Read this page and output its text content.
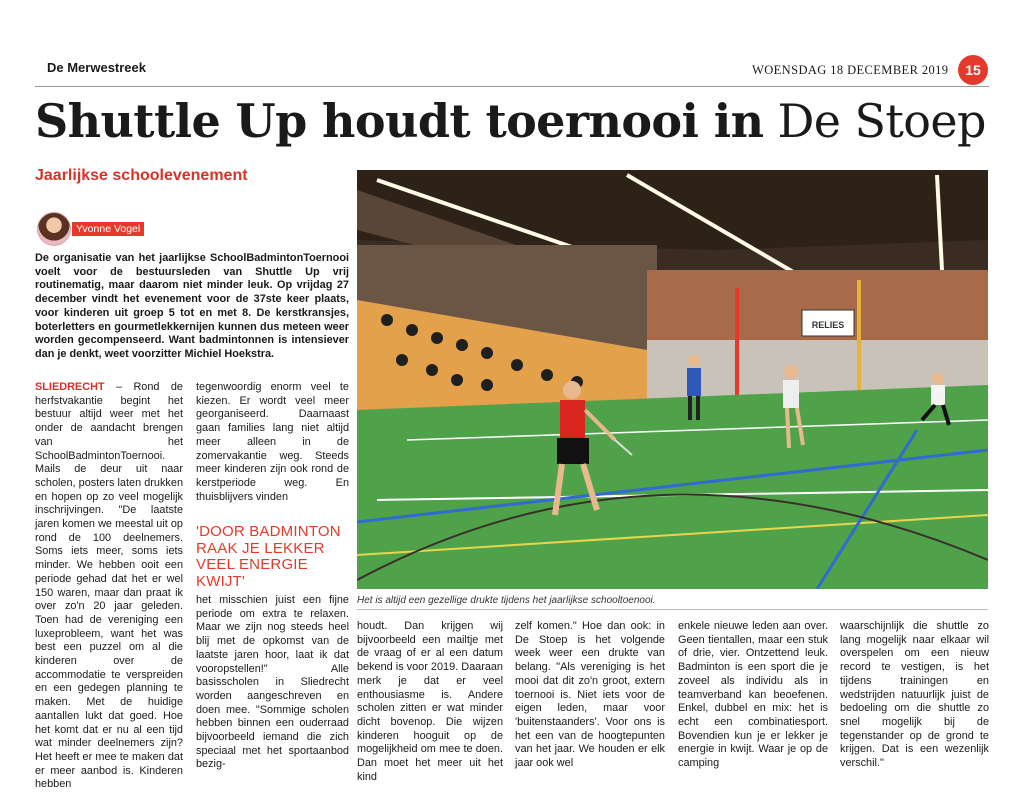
De Merwestreek	WOENSDAG 18 DECEMBER 2019	15
Shuttle Up houdt toernooi in De Stoep
Jaarlijkse schoolevenement
Yvonne Vogel
De organisatie van het jaarlijkse SchoolBadmintonToernooi voelt voor de bestuursleden van Shuttle Up vrij routinematig, maar daarom niet minder leuk. Op vrijdag 27 december vindt het evenement voor de 37ste keer plaats, voor kinderen uit groep 5 tot en met 8. De kerstkransjes, boterletters en gourmetlekkernijen kunnen dus meteen weer worden gecompenseerd. Want badmintonnen is intensiever dan je denkt, weet voorzitter Michiel Hoekstra.
SLIEDRECHT – Rond de herfstvakantie begint het bestuur altijd weer met het onder de aandacht brengen van het SchoolBadmintonToernooi. Mails de deur uit naar scholen, posters laten drukken en hopen op zo veel mogelijk inschrijvingen. "De laatste jaren komen we meestal uit op rond de 100 deelnemers. Soms iets meer, soms iets minder. We hebben ooit een periode gehad dat het er wel 150 waren, maar dan praat ik over zo'n 20 jaar geleden. Toen had de vereniging een luxeprobleem, want het was best een puzzel om al die kinderen over de accommodatie te verspreiden en een gedegen planning te maken. Met de huidige aantallen lukt dat goed. Hoe het komt dat er nu al een tijd wat minder deelnemers zijn? Het heeft er mee te maken dat er meer aanbod is. Kinderen hebben
tegenwoordig enorm veel te kiezen. Er wordt veel meer georganiseerd. Daarnaast gaan families lang niet altijd meer alleen in de zomervakantie weg. Steeds meer kinderen zijn ook rond de kerstperiode weg. En thuisblijvers vinden
'DOOR BADMINTON RAAK JE LEKKER VEEL ENERGIE KWIJT'
het misschien juist een fijne periode om extra te relaxen. Maar we zijn nog steeds heel blij met de opkomst van de laatste jaren hoor, laat ik dat vooropstellen!" Alle basisscholen in Sliedrecht worden aangeschreven en doen mee. "Sommige scholen hebben binnen een ouderraad bijvoorbeeld iemand die zich speciaal met het sportaanbod bezig-
RELIES
Het is altijd een gezellige drukte tijdens het jaarlijkse schooltoenooi.
houdt. Dan krijgen wij bijvoorbeeld een mailtje met de vraag of er al een datum bekend is voor 2019. Daaraan merk je dat er veel enthousiasme is. Andere scholen zitten er wat minder dicht bovenop. Die wijzen kinderen hooguit op de mogelijkheid om mee te doen. Dan moet het meer uit het kind
zelf komen." Hoe dan ook: in De Stoep is het volgende week weer een drukte van belang. "Als vereniging is het mooi dat dit zo'n groot, extern toernooi is. Niet iets voor de eigen leden, maar voor 'buitenstaanders'. Voor ons is het een van de hoogtepunten van het jaar. We houden er elk jaar ook wel
enkele nieuwe leden aan over. Geen tientallen, maar een stuk of drie, vier. Ontzettend leuk. Badminton is een sport die je zoveel als individu als in teamverband kan beoefenen. Enkel, dubbel en mix: het is echt een combinatiesport. Bovendien kun je er lekker je energie in kwijt. Waar je op de camping
waarschijnlijk die shuttle zo lang mogelijk naar elkaar wil overspelen om een nieuw record te vestigen, is het tijdens trainingen en wedstrijden natuurlijk juist de bedoeling om die shuttle zo snel mogelijk bij de tegenstander op de grond te krijgen. Dat is een wezenlijk verschil."
